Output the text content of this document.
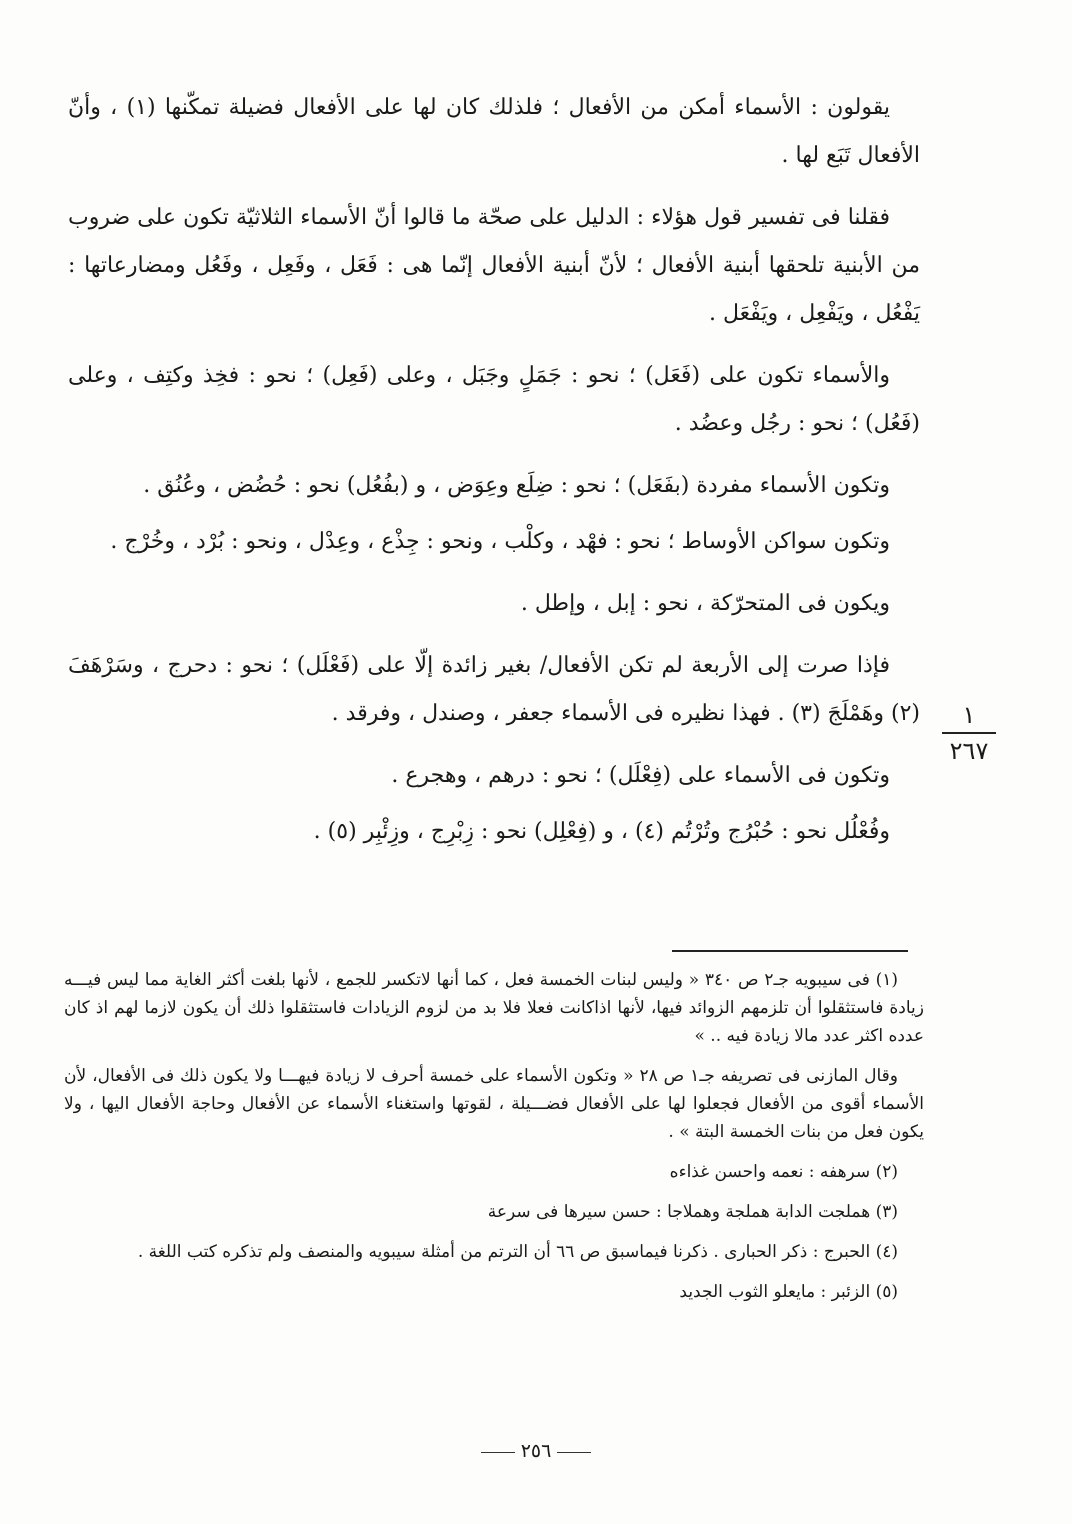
يقولون : الأسماء أمكن من الأفعال ؛ فلذلك كان لها على الأفعال فضيلة تمكّنها (١) ، وأنّ الأفعال تَبَع لها .

فقلنا فى تفسير قول هؤلاء : الدليل على صحّة ما قالوا أنّ الأسماء الثلاثيّة تكون على ضروب من الأبنية تلحقها أبنية الأفعال ؛ لأنّ أبنية الأفعال إنّما هى : فَعَل ، وفَعِل ، وفَعُل ومضارعاتها : يَفْعُل ، ويَفْعِل ، ويَفْعَل .

والأسماء تكون على (فَعَل) ؛ نحو : جَمَلٍ وجَبَل ، وعلى (فَعِل) ؛ نحو : فخِذ وكتِف ، وعلى (فَعُل) ؛ نحو : رجُل وعضُد .

وتكون الأسماء مفردة (بفَعَل) ؛ نحو : ضِلَع وعِوَض ، و (بفُعُل) نحو : حُضُض ، وعُنُق .

وتكون سواكن الأوساط ؛ نحو : فهْد ، وكلْب ، ونحو : جِذْع ، وعِدْل ، ونحو : بُرْد ، وخُرْج .

ويكون فى المتحرّكة ، نحو : إبل ، وإطل .

فإذا صرت إلى الأربعة لم تكن الأفعال/ بغير زائدة إلّا على (فَعْلَل) ؛ نحو : دحرج ، وسَرْهَفَ (٢) وهَمْلَجَ (٣) . فهذا نظيره فى الأسماء جعفر ، وصندل ، وفرقد .

وتكون فى الأسماء على (فِعْلَل) ؛ نحو : درهم ، وهجرع .

وفُعْلُل نحو : حُبْرُج وتُرْتُم (٤) ، و (فِعْلِل) نحو : زِبْرِج ، وزِئْبِر (٥) .

١
٢٦٧

(١) فى سيبويه جـ٢ ص ٣٤٠ « وليس لبنات الخمسة فعل ، كما أنها لاتكسر للجمع ، لأنها بلغت أكثر الغاية مما ليس فيـــه زيادة فاستثقلوا أن تلزمهم الزوائد فيها، لأنها اذاكانت فعلا فلا بد من لزوم الزيادات فاستثقلوا ذلك أن يكون لازما لهم اذ كان عدده اكثر عدد مالا زيادة فيه .. »

وقال المازنى فى تصريفه جـ١ ص ٢٨ « وتكون الأسماء على خمسة أحرف لا زيادة فيهـــا ولا يكون ذلك فى الأفعال، لأن الأسماء أقوى من الأفعال فجعلوا لها على الأفعال فضـــيلة ، لقوتها واستغناء الأسماء عن الأفعال وحاجة الأفعال اليها ، ولا يكون فعل من بنات الخمسة البتة » .

(٢) سرهفه : نعمه واحسن غذاءه

(٣) هملجت الدابة هملجة وهملاجا : حسن سيرها فى سرعة

(٤) الحبرج : ذكر الحبارى . ذكرنا فيماسبق ص ٦٦ أن الترتم من أمثلة سيبويه والمنصف ولم تذكره كتب اللغة .

(٥) الزئبر : مايعلو الثوب الجديد

٢٥٦
